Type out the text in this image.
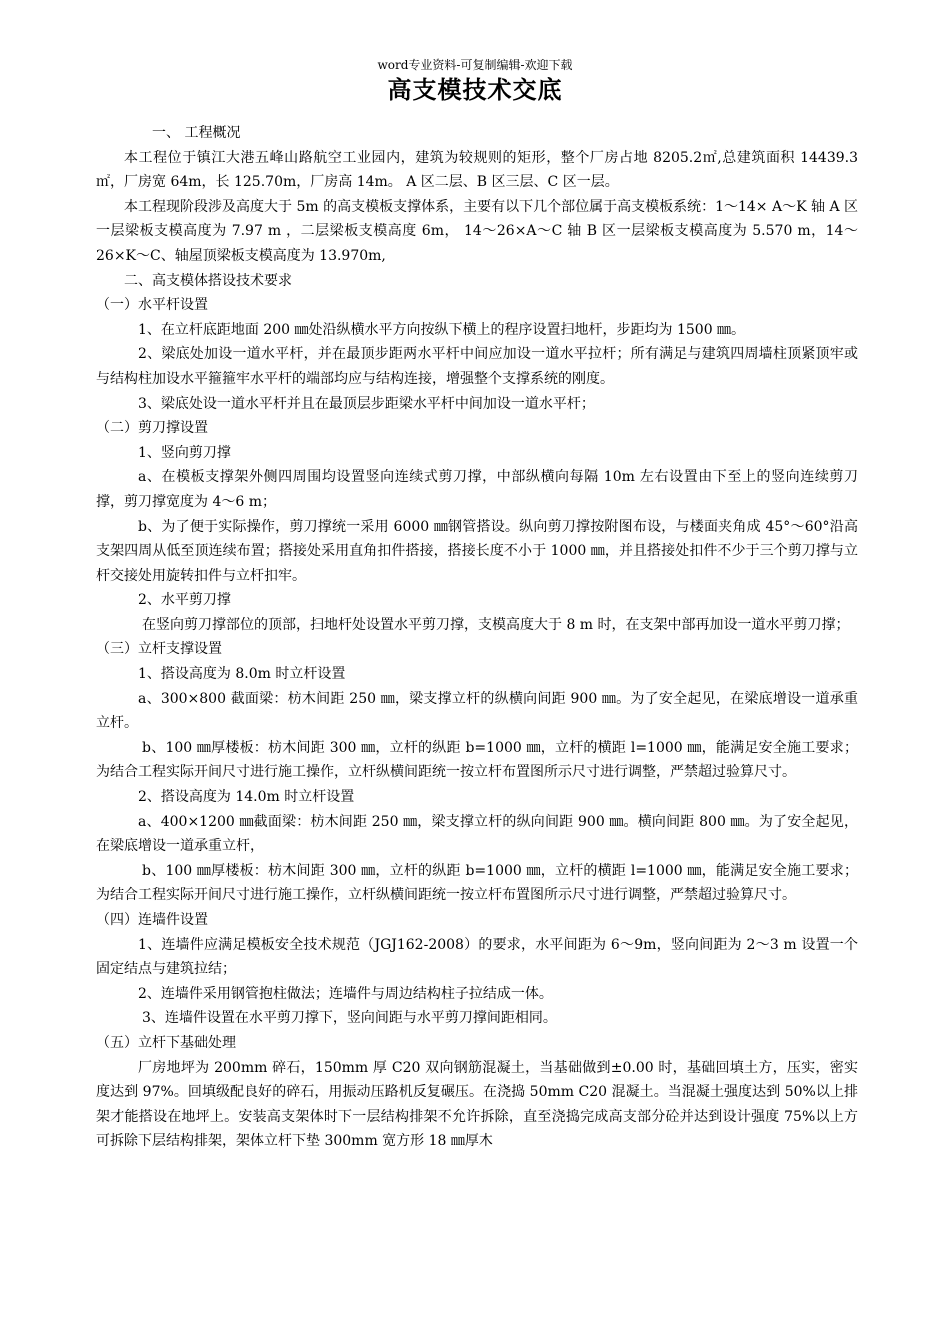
word专业资料-可复制编辑-欢迎下载
高支模技术交底

一、 工程概况

本工程位于镇江大港五峰山路航空工业园内，建筑为较规则的矩形，整个厂房占地 8205.2㎡,总建筑面积 14439.3㎡，厂房宽 64m，长 125.70m，厂房高 14m。 A 区二层、B 区三层、C 区一层。

本工程现阶段涉及高度大于 5m 的高支模板支撑体系，主要有以下几个部位属于高支模板系统：1～14× A～K 轴 A 区一层梁板支模高度为 7.97 m ，二层梁板支模高度 6m， 14～26×A～C 轴 B 区一层梁板支模高度为 5.570 m，14～26×K～C、轴屋顶梁板支模高度为 13.970m,

二、高支模体搭设技术要求

（一）水平杆设置

1、在立杆底距地面 200 ㎜处沿纵横水平方向按纵下横上的程序设置扫地杆，步距均为 1500 ㎜。

2、梁底处加设一道水平杆，并在最顶步距两水平杆中间应加设一道水平拉杆；所有满足与建筑四周墙柱顶紧顶牢或与结构柱加设水平箍箍牢水平杆的端部均应与结构连接，增强整个支撑系统的刚度。

3、梁底处设一道水平杆并且在最顶层步距梁水平杆中间加设一道水平杆；

（二）剪刀撑设置

1、竖向剪刀撑

a、在模板支撑架外侧四周围均设置竖向连续式剪刀撑，中部纵横向每隔 10m 左右设置由下至上的竖向连续剪刀撑，剪刀撑宽度为 4～6 m；

b、为了便于实际操作，剪刀撑统一采用 6000 ㎜钢管搭设。纵向剪刀撑按附图布设，与楼面夹角成 45°～60°沿高支架四周从低至顶连续布置；搭接处采用直角扣件搭接，搭接长度不小于 1000 ㎜，并且搭接处扣件不少于三个剪刀撑与立杆交接处用旋转扣件与立杆扣牢。

2、水平剪刀撑

在竖向剪刀撑部位的顶部，扫地杆处设置水平剪刀撑，支模高度大于 8 m 时，在支架中部再加设一道水平剪刀撑；

（三）立杆支撑设置

1、搭设高度为 8.0m 时立杆设置

a、300×800 截面梁：枋木间距 250 ㎜，梁支撑立杆的纵横向间距 900 ㎜。为了安全起见，在梁底增设一道承重立杆。

b、100 ㎜厚楼板：枋木间距 300 ㎜，立杆的纵距 b=1000 ㎜，立杆的横距 l=1000 ㎜，能满足安全施工要求；为结合工程实际开间尺寸进行施工操作，立杆纵横间距统一按立杆布置图所示尺寸进行调整，严禁超过验算尺寸。

2、搭设高度为 14.0m 时立杆设置

a、400×1200 ㎜截面梁：枋木间距 250 ㎜，梁支撑立杆的纵向间距 900 ㎜。横向间距 800 ㎜。为了安全起见，在梁底增设一道承重立杆，

b、100 ㎜厚楼板：枋木间距 300 ㎜，立杆的纵距 b=1000 ㎜，立杆的横距 l=1000 ㎜，能满足安全施工要求；为结合工程实际开间尺寸进行施工操作，立杆纵横间距统一按立杆布置图所示尺寸进行调整，严禁超过验算尺寸。

（四）连墙件设置

1、连墙件应满足模板安全技术规范（JGJ162-2008）的要求，水平间距为 6～9m，竖向间距为 2～3 m 设置一个固定结点与建筑拉结；

2、连墙件采用钢管抱柱做法；连墙件与周边结构柱子拉结成一体。

3、连墙件设置在水平剪刀撑下，竖向间距与水平剪刀撑间距相同。

（五）立杆下基础处理

厂房地坪为 200mm 碎石，150mm 厚 C20 双向钢筋混凝土，当基础做到±0.00 时，基础回填土方，压实，密实度达到 97%。回填级配良好的碎石，用振动压路机反复碾压。在浇捣 50mm C20 混凝土。当混凝土强度达到 50%以上排架才能搭设在地坪上。安装高支架体时下一层结构排架不允许拆除，直至浇捣完成高支部分砼并达到设计强度 75%以上方可拆除下层结构排架，架体立杆下垫 300mm 宽方形 18 ㎜厚木
